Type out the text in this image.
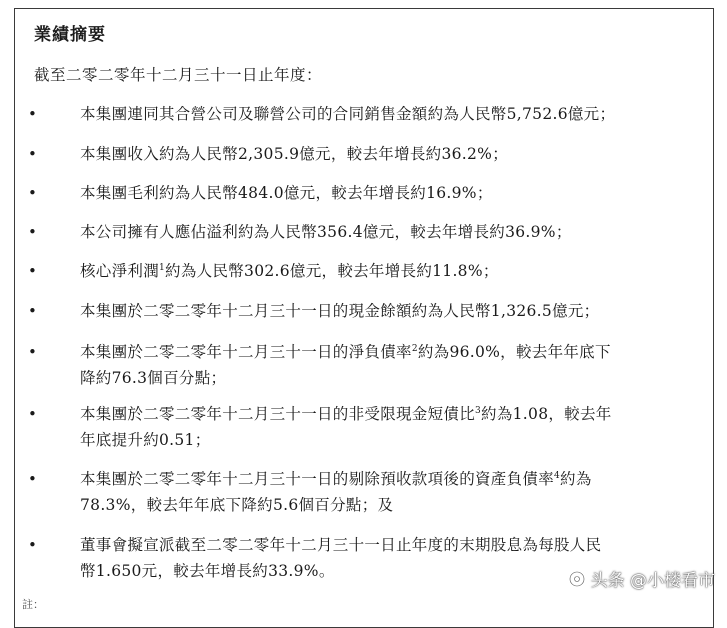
業績摘要
截至二零二零年十二月三十一日止年度：
•	本集團連同其合營公司及聯營公司的合同銷售金額約為人民幣5,752.6億元；
•	本集團收入約為人民幣2,305.9億元，較去年增長約36.2%；
•	本集團毛利約為人民幣484.0億元，較去年增長約16.9%；
•	本公司擁有人應佔溢利約為人民幣356.4億元，較去年增長約36.9%；
•	核心淨利潤$^1$約為人民幣302.6億元，較去年增長約11.8%；
•	本集團於二零二零年十二月三十一日的現金餘額約為人民幣1,326.5億元；
•	本集團於二零二零年十二月三十一日的淨負債率$^2$約為96.0%，較去年年底下
降約76.3個百分點；
•	本集團於二零二零年十二月三十一日的非受限現金短債比$^3$約為1.08，較去年
年底提升約0.51；
•	本集團於二零二零年十二月三十一日的剔除預收款項後的資產負債率$^4$約為
78.3%，較去年年底下降約5.6個百分點；及
•	董事會擬宣派截至二零二零年十二月三十一日止年度的末期股息為每股人民
幣1.650元，較去年增長約33.9%。
註：
头条 @小楼看市
